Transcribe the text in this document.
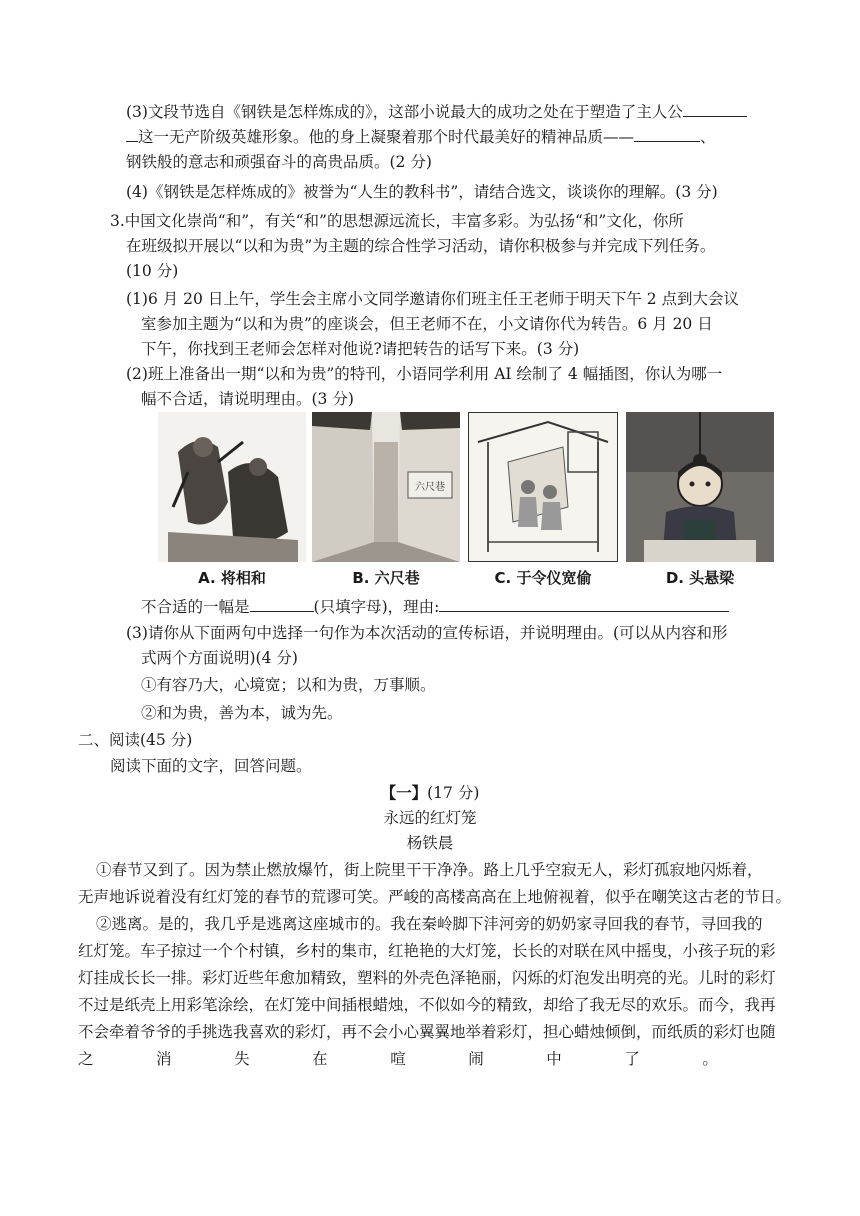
(3)文段节选自《钢铁是怎样炼成的》，这部小说最大的成功之处在于塑造了主人公
这一无产阶级英雄形象。他的身上凝聚着那个时代最美好的精神品质——	、
钢铁般的意志和顽强奋斗的高贵品质。(2 分)
(4)《钢铁是怎样炼成的》被誉为“人生的教科书”，请结合选文，谈谈你的理解。(3 分)
3.中国文化崇尚“和”，有关“和”的思想源远流长，丰富多彩。为弘扬“和”文化，你所
在班级拟开展以“以和为贵”为主题的综合性学习活动，请你积极参与并完成下列任务。
(10 分)
(1)6 月 20 日上午，学生会主席小文同学邀请你们班主任王老师于明天下午 2 点到大会议
室参加主题为“以和为贵”的座谈会，但王老师不在，小文请你代为转告。6 月 20 日
下午，你找到王老师会怎样对他说?请把转告的话写下来。(3 分)
(2)班上准备出一期“以和为贵”的特刊，小语同学利用 AI 绘制了 4 幅插图，你认为哪一
幅不合适，请说明理由。(3 分)
A. 将相和
六尺巷
B. 六尺巷	C. 于令仪宽偷	D. 头悬梁
不合适的一幅是	(只填字母)，理由:
(3)请你从下面两句中选择一句作为本次活动的宣传标语，并说明理由。(可以从内容和形
式两个方面说明)(4 分)
①有容乃大，心境宽；以和为贵，万事顺。
②和为贵，善为本，诚为先。
二、阅读(45 分)
阅读下面的文字，回答问题。
【一】(17 分)
永远的红灯笼
杨铁晨
①春节又到了。因为禁止燃放爆竹，街上院里干干净净。路上几乎空寂无人，彩灯孤寂地闪烁着，
无声地诉说着没有红灯笼的春节的荒谬可笑。严峻的高楼高高在上地俯视着，似乎在嘲笑这古老的节日。
②逃离。是的，我几乎是逃离这座城市的。我在秦岭脚下沣河旁的奶奶家寻回我的春节，寻回我的
红灯笼。车子掠过一个个村镇，乡村的集市，红艳艳的大灯笼，长长的对联在风中摇曳，小孩子玩的彩
灯挂成长长一排。彩灯近些年愈加精致，塑料的外壳色泽艳丽，闪烁的灯泡发出明亮的光。儿时的彩灯
不过是纸壳上用彩笔涂绘，在灯笼中间插根蜡烛，不似如今的精致，却给了我无尽的欢乐。而今，我再
不会牵着爷爷的手挑选我喜欢的彩灯，再不会小心翼翼地举着彩灯，担心蜡烛倾倒，而纸质的彩灯也随
之	消	失	在	喧	闹	中	了	。
